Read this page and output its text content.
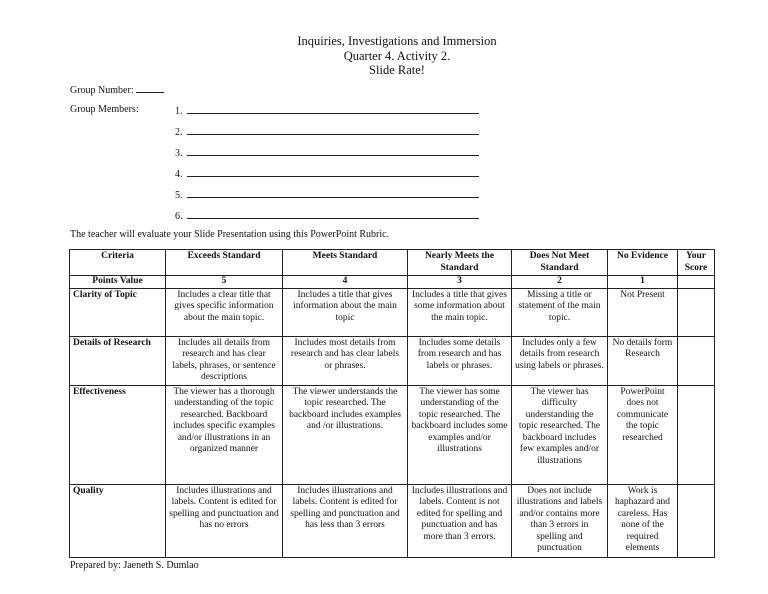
Inquiries, Investigations and Immersion
Quarter 4. Activity 2.
Slide Rate!
Group Number:
Group Members:	1.
2.
3.
4.
5.
6.
The teacher will evaluate your Slide Presentation using this PowerPoint Rubric.
Criteria	Exceeds Standard	Meets Standard	Nearly Meets the Standard	Does Not Meet Standard	No Evidence	Your Score
Points Value	5	4	3	2	1	
Clarity of Topic	Includes a clear title that gives specific information about the main topic.	Includes a title that gives information about the main topic	Includes a title that gives some information about the main topic.	Missing a title or statement of the main topic.	Not Present	
Details of Research	Includes all details from research and has clear labels, phrases, or sentence descriptions	Includes most details from research and has clear labels or phrases.	Includes some details from research and has labels or phrases.	Includes only a few details from research using labels or phrases.	No details form Research	
Effectiveness	The viewer has a thorough understanding of the topic researched. Backboard includes specific examples and/or illustrations in an organized manner	The viewer understands the topic researched. The backboard includes examples and /or illustrations.	The viewer has some understanding of the topic researched. The backboard includes some examples and/or illustrations	The viewer has difficulty understanding the topic researched. The backboard includes few examples and/or illustrations	PowerPoint does not communicate the topic researched	
Quality	Includes illustrations and labels. Content is edited for spelling and punctuation and has no errors	Includes illustrations and labels. Content is edited for spelling and punctuation and has less than 3 errors	Includes illustrations and labels. Content is not edited for spelling and punctuation and has more than 3 errors.	Does not include illustrations and labels and/or contains more than 3 errors in spelling and punctuation	Work is haphazard and careless. Has none of the required elements	
Prepared by: Jaeneth S. Dumlao
